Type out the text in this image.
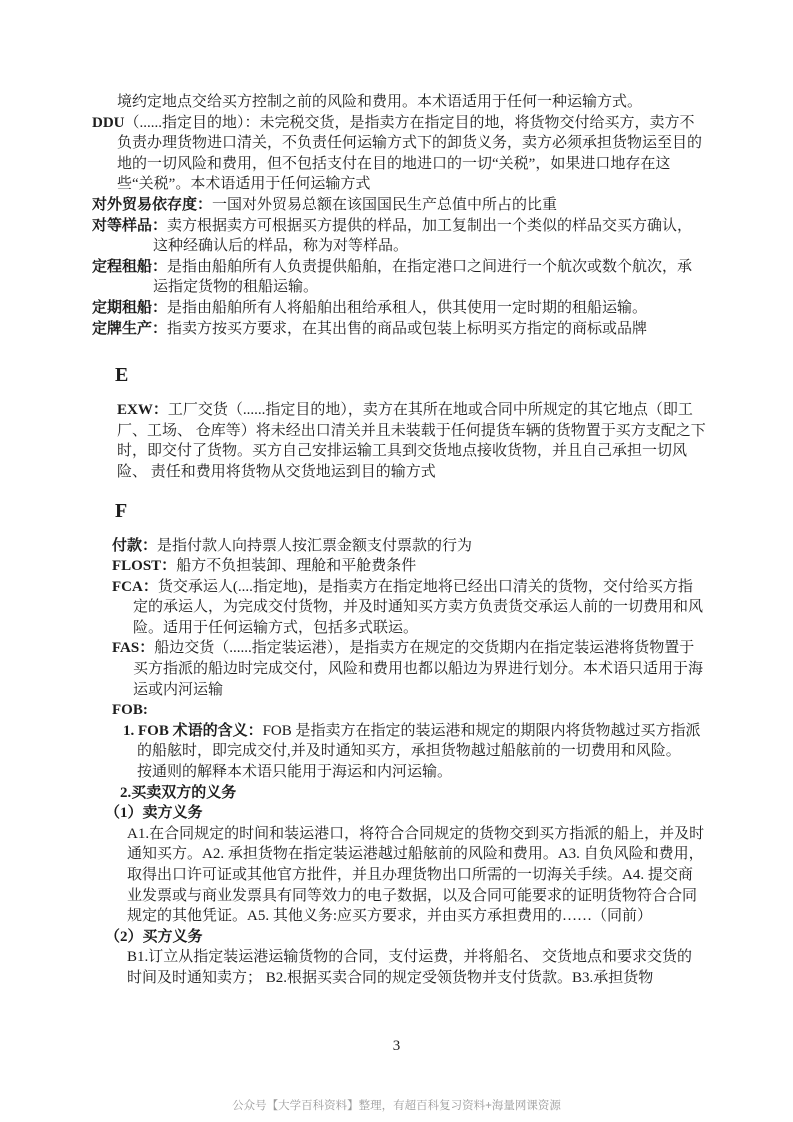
境约定地点交给买方控制之前的风险和费用。本术语适用于任何一种运输方式。

DDU（......指定目的地）：未完税交货，是指卖方在指定目的地，将货物交付给买方，卖方不负责办理货物进口清关，不负责任何运输方式下的卸货义务，卖方必须承担货物运至目的地的一切风险和费用，但不包括支付在目的地进口的一切“关税”，如果进口地存在这些“关税”。本术语适用于任何运输方式

对外贸易依存度：一国对外贸易总额在该国国民生产总值中所占的比重

对等样品：卖方根据卖方可根据买方提供的样品，加工复制出一个类似的样品交买方确认，这种经确认后的样品，称为对等样品。

定程租船：是指由船舶所有人负责提供船舶，在指定港口之间进行一个航次或数个航次，承运指定货物的租船运输。

定期租船：是指由船舶所有人将船舶出租给承租人，供其使用一定时期的租船运输。

定牌生产：指卖方按买方要求，在其出售的商品或包装上标明买方指定的商标或品牌

E

EXW：工厂交货（......指定目的地），卖方在其所在地或合同中所规定的其它地点（即工厂、工场、 仓库等）将未经出口清关并且未装载于任何提货车辆的货物置于买方支配之下时，即交付了货物。买方自己安排运输工具到交货地点接收货物，并且自己承担一切风险、 责任和费用将货物从交货地运到目的输方式

F

付款：是指付款人向持票人按汇票金额支付票款的行为

FLOST：船方不负担装卸、理舱和平舱费条件

FCA：货交承运人(....指定地)，是指卖方在指定地将已经出口清关的货物，交付给买方指定的承运人，为完成交付货物，并及时通知买方卖方负责货交承运人前的一切费用和风险。适用于任何运输方式，包括多式联运。

FAS：船边交货（......指定装运港），是指卖方在规定的交货期内在指定装运港将货物置于买方指派的船边时完成交付，风险和费用也都以船边为界进行划分。本术语只适用于海运或内河运输

FOB:

1. FOB 术语的含义：FOB 是指卖方在指定的装运港和规定的期限内将货物越过买方指派的船舷时，即完成交付,并及时通知买方，承担货物越过船舷前的一切费用和风险。

按通则的解释本术语只能用于海运和内河运输。

2.买卖双方的义务

（1）卖方义务

A1.在合同规定的时间和装运港口，将符合合同规定的货物交到买方指派的船上，并及时通知买方。A2. 承担货物在指定装运港越过船舷前的风险和费用。A3. 自负风险和费用，取得出口许可证或其他官方批件，并且办理货物出口所需的一切海关手续。A4. 提交商业发票或与商业发票具有同等效力的电子数据，以及合同可能要求的证明货物符合合同规定的其他凭证。A5. 其他义务:应买方要求，并由买方承担费用的……（同前）

（2）买方义务

B1.订立从指定装运港运输货物的合同，支付运费，并将船名、 交货地点和要求交货的时间及时通知卖方； B2.根据买卖合同的规定受领货物并支付货款。B3.承担货物

3
公众号【大学百科资料】整理，有超百科复习资料+海量网课资源
